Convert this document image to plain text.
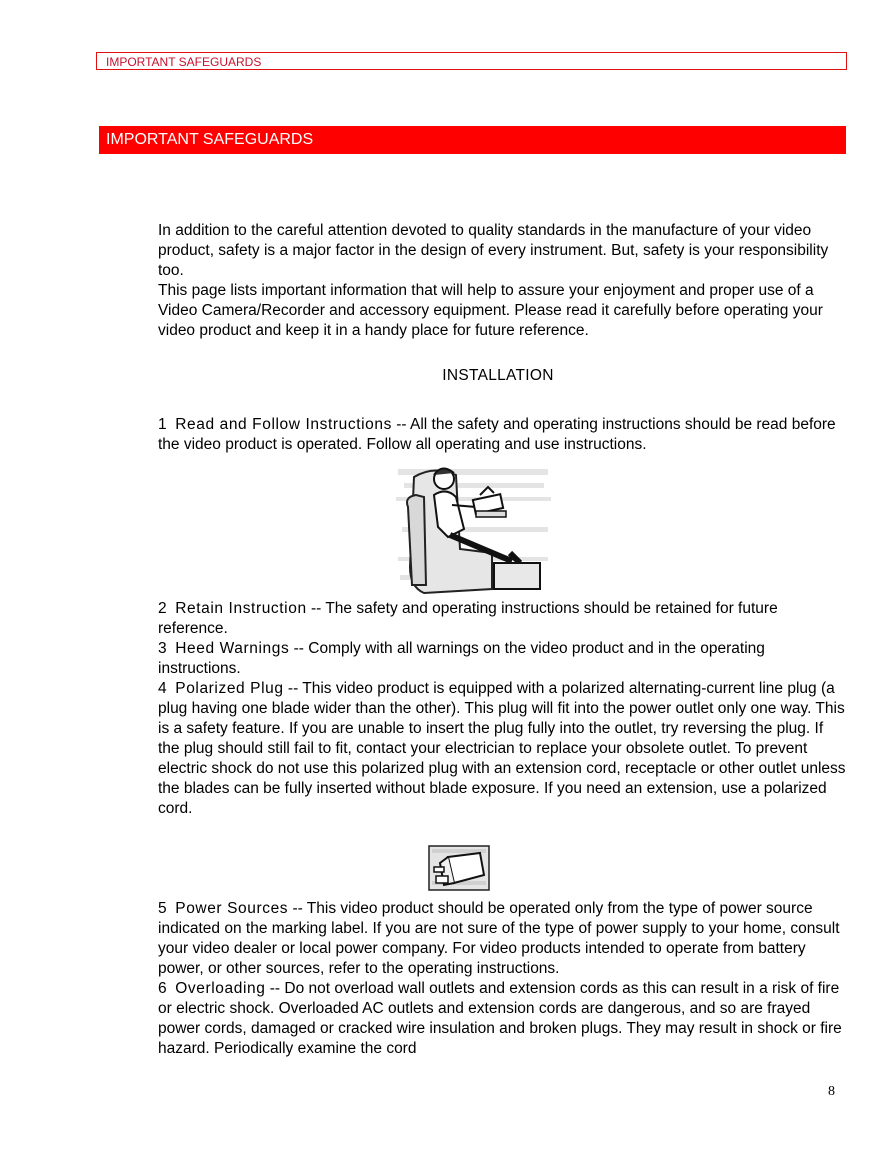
IMPORTANT SAFEGUARDS
IMPORTANT SAFEGUARDS

In addition to the careful attention devoted to quality standards in the manufacture of your video product, safety is a major factor in the design of every instrument. But, safety is your responsibility too.

This page lists important information that will help to assure your enjoyment and proper use of a Video Camera/Recorder and accessory equipment. Please read it carefully before operating your video product and keep it in a handy place for future reference.

INSTALLATION

1 Read and Follow Instructions -- All the safety and operating instructions should be read before the video product is operated. Follow all operating and use instructions.

2 Retain Instruction -- The safety and operating instructions should be retained for future reference.

3 Heed Warnings -- Comply with all warnings on the video product and in the operating instructions.

4 Polarized Plug -- This video product is equipped with a polarized alternating-current line plug (a plug having one blade wider than the other). This plug will fit into the power outlet only one way. This is a safety feature. If you are unable to insert the plug fully into the outlet, try reversing the plug. If the plug should still fail to fit, contact your electrician to replace your obsolete outlet. To prevent electric shock do not use this polarized plug with an extension cord, receptacle or other outlet unless the blades can be fully inserted without blade exposure. If you need an extension, use a polarized cord.

5 Power Sources -- This video product should be operated only from the type of power source indicated on the marking label. If you are not sure of the type of power supply to your home, consult your video dealer or local power company. For video products intended to operate from battery power, or other sources, refer to the operating instructions.

6 Overloading -- Do not overload wall outlets and extension cords as this can result in a risk of fire or electric shock. Overloaded AC outlets and extension cords are dangerous, and so are frayed power cords, damaged or cracked wire insulation and broken plugs. They may result in shock or fire hazard. Periodically examine the cord

8
